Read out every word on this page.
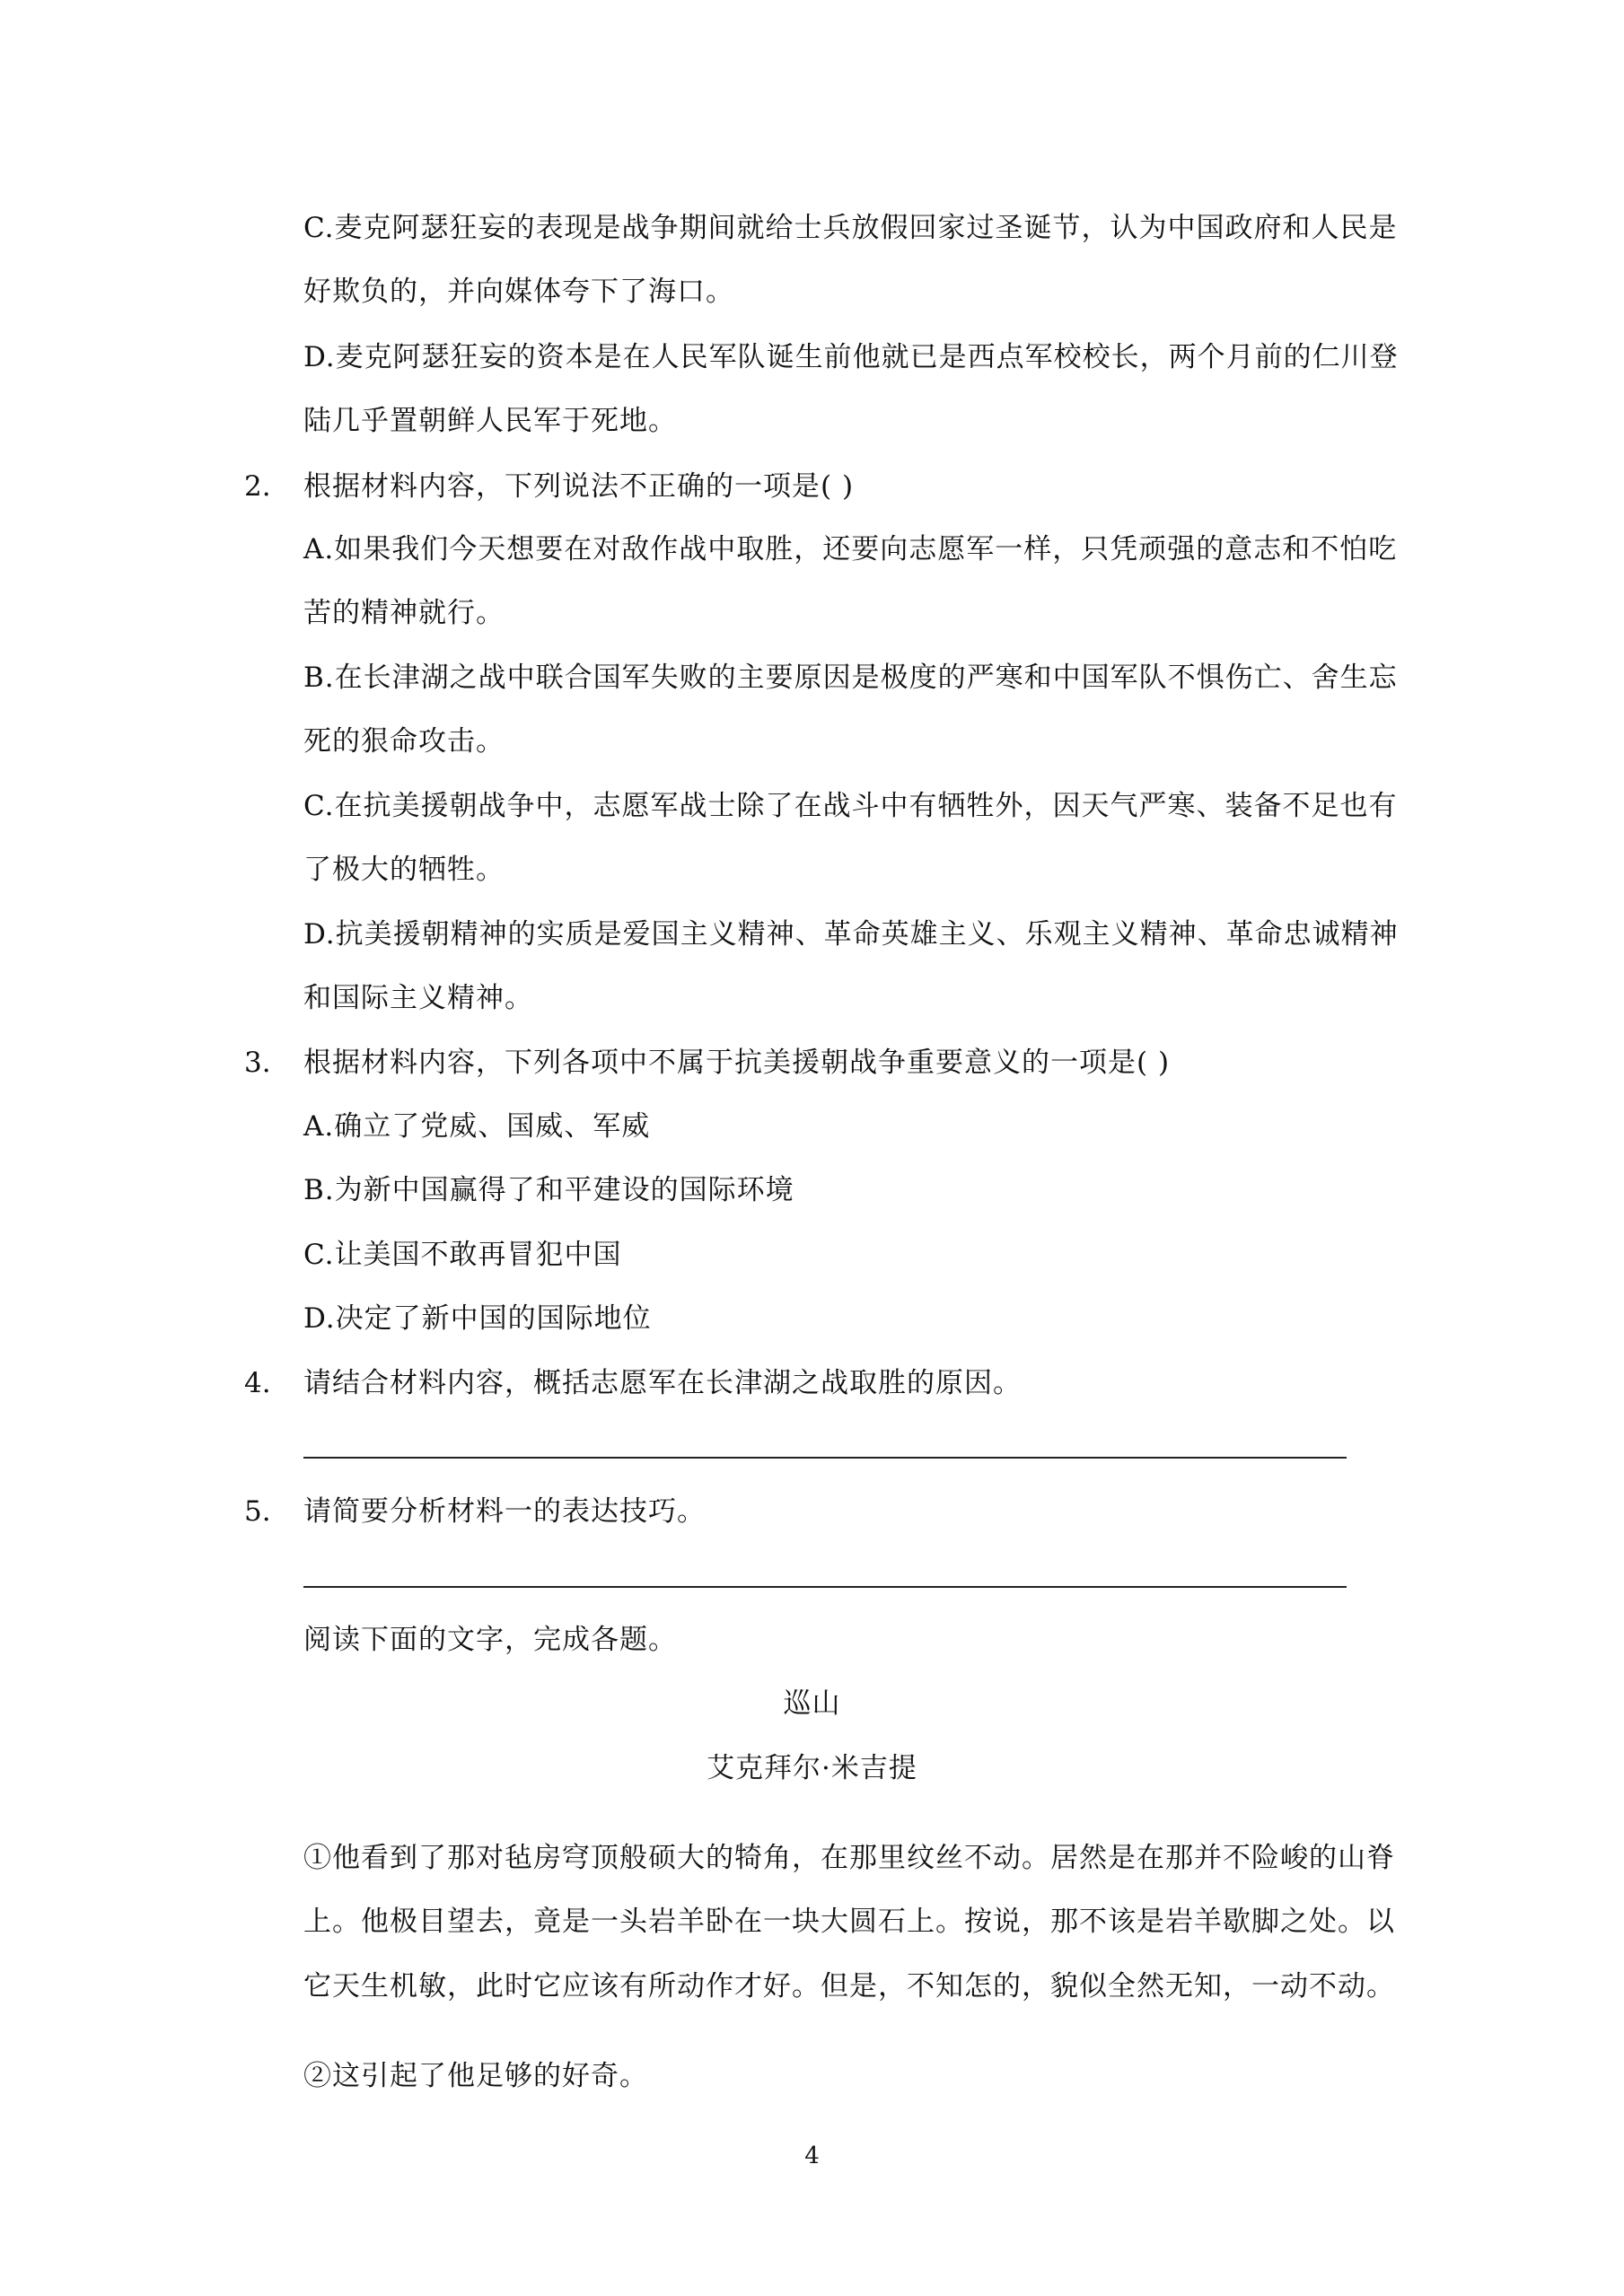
C.麦克阿瑟狂妄的表现是战争期间就给士兵放假回家过圣诞节，认为中国政府和人民是
好欺负的，并向媒体夸下了海口。
D.麦克阿瑟狂妄的资本是在人民军队诞生前他就已是西点军校校长，两个月前的仁川登
陆几乎置朝鲜人民军于死地。
2. 根据材料内容，下列说法不正确的一项是( )
A.如果我们今天想要在对敌作战中取胜，还要向志愿军一样，只凭顽强的意志和不怕吃
苦的精神就行。
B.在长津湖之战中联合国军失败的主要原因是极度的严寒和中国军队不惧伤亡、舍生忘
死的狠命攻击。
C.在抗美援朝战争中，志愿军战士除了在战斗中有牺牲外，因天气严寒、装备不足也有
了极大的牺牲。
D.抗美援朝精神的实质是爱国主义精神、革命英雄主义、乐观主义精神、革命忠诚精神
和国际主义精神。
3. 根据材料内容，下列各项中不属于抗美援朝战争重要意义的一项是( )
A.确立了党威、国威、军威
B.为新中国赢得了和平建设的国际环境
C.让美国不敢再冒犯中国
D.决定了新中国的国际地位
4. 请结合材料内容，概括志愿军在长津湖之战取胜的原因。
5. 请简要分析材料一的表达技巧。
阅读下面的文字，完成各题。
巡山
艾克拜尔·米吉提
①他看到了那对毡房穹顶般硕大的犄角，在那里纹丝不动。居然是在那并不险峻的山脊
上。他极目望去，竟是一头岩羊卧在一块大圆石上。按说，那不该是岩羊歇脚之处。以
它天生机敏，此时它应该有所动作才好。但是，不知怎的，貌似全然无知，一动不动。
②这引起了他足够的好奇。
4
